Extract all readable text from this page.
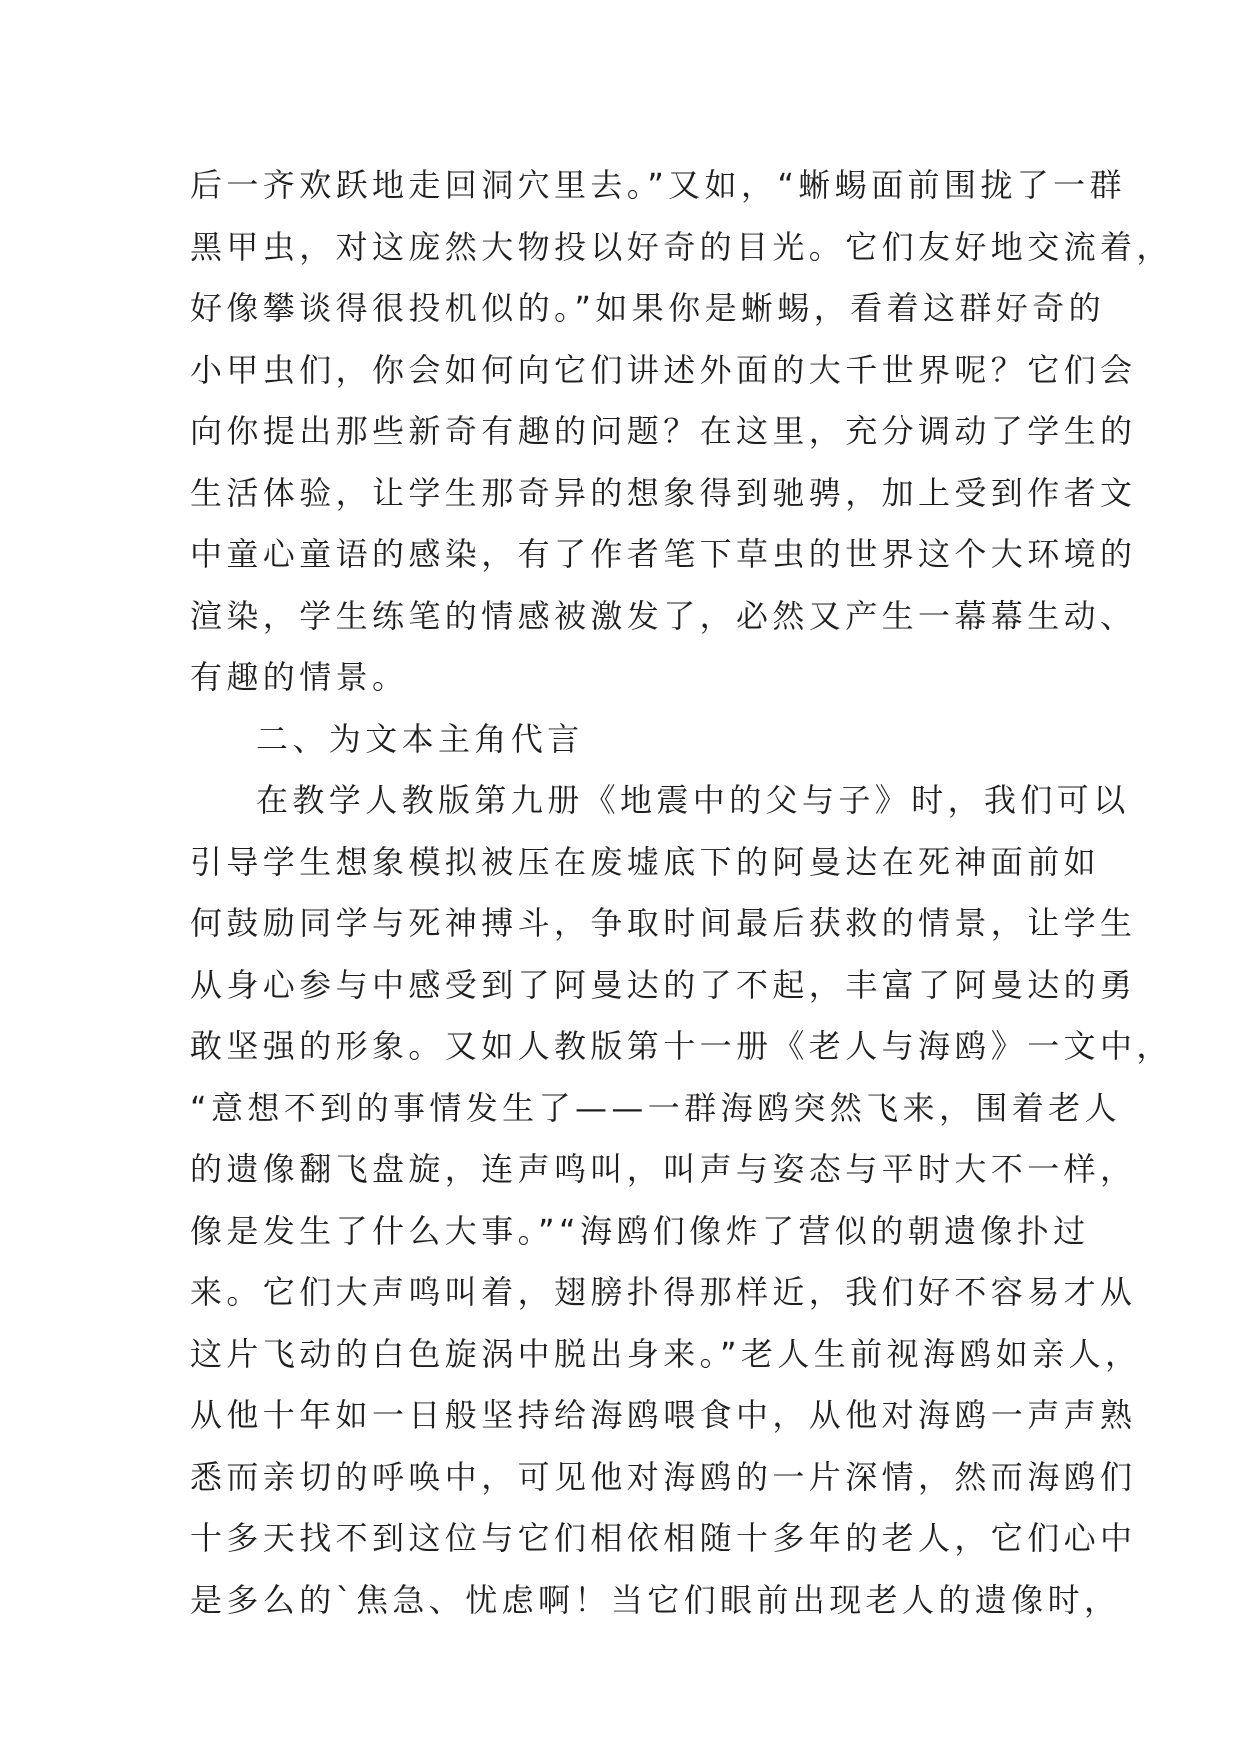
后一齐欢跃地走回洞穴里去。”又如，“蜥蜴面前围拢了一群
黑甲虫，对这庞然大物投以好奇的目光。它们友好地交流着，
好像攀谈得很投机似的。”如果你是蜥蜴，看着这群好奇的
小甲虫们，你会如何向它们讲述外面的大千世界呢？它们会
向你提出那些新奇有趣的问题？在这里，充分调动了学生的
生活体验，让学生那奇异的想象得到驰骋，加上受到作者文
中童心童语的感染，有了作者笔下草虫的世界这个大环境的
渲染，学生练笔的情感被激发了，必然又产生一幕幕生动、
有趣的情景。
二、为文本主角代言
在教学人教版第九册《地震中的父与子》时，我们可以
引导学生想象模拟被压在废墟底下的阿曼达在死神面前如
何鼓励同学与死神搏斗，争取时间最后获救的情景，让学生
从身心参与中感受到了阿曼达的了不起，丰富了阿曼达的勇
敢坚强的形象。又如人教版第十一册《老人与海鸥》一文中，
“意想不到的事情发生了——一群海鸥突然飞来，围着老人
的遗像翻飞盘旋，连声鸣叫，叫声与姿态与平时大不一样，
像是发生了什么大事。”“海鸥们像炸了营似的朝遗像扑过
来。它们大声鸣叫着，翅膀扑得那样近，我们好不容易才从
这片飞动的白色旋涡中脱出身来。”老人生前视海鸥如亲人，
从他十年如一日般坚持给海鸥喂食中，从他对海鸥一声声熟
悉而亲切的呼唤中，可见他对海鸥的一片深情，然而海鸥们
十多天找不到这位与它们相依相随十多年的老人，它们心中
是多么的`焦急、忧虑啊！当它们眼前出现老人的遗像时，
